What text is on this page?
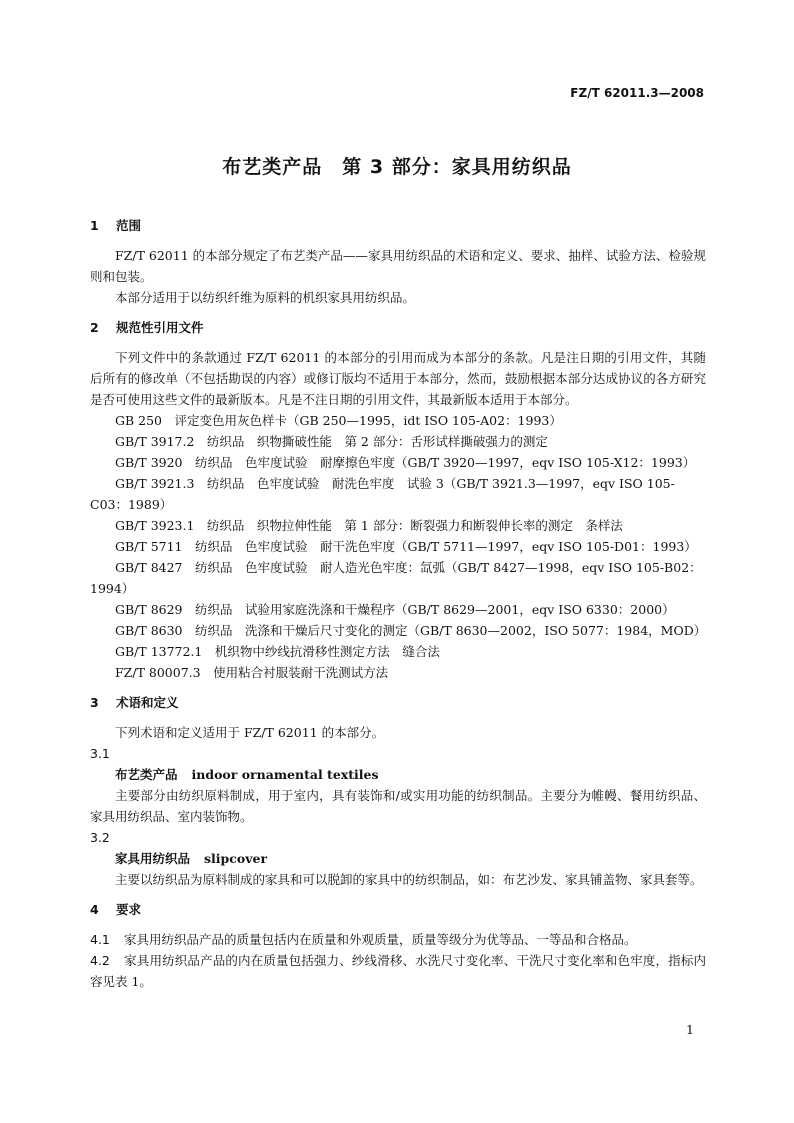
FZ/T 62011.3—2008
布艺类产品　第 3 部分：家具用纺织品

1 范围

FZ/T 62011 的本部分规定了布艺类产品——家具用纺织品的术语和定义、要求、抽样、试验方法、检验规则和包装。

本部分适用于以纺织纤维为原料的机织家具用纺织品。

2 规范性引用文件

下列文件中的条款通过 FZ/T 62011 的本部分的引用而成为本部分的条款。凡是注日期的引用文件，其随后所有的修改单（不包括勘误的内容）或修订版均不适用于本部分，然而，鼓励根据本部分达成协议的各方研究是否可使用这些文件的最新版本。凡是不注日期的引用文件，其最新版本适用于本部分。

GB 250　评定变色用灰色样卡（GB 250—1995，idt ISO 105-A02：1993）

GB/T 3917.2　纺织品　织物撕破性能　第 2 部分：舌形试样撕破强力的测定

GB/T 3920　纺织品　色牢度试验　耐摩擦色牢度（GB/T 3920—1997，eqv ISO 105-X12：1993）

GB/T 3921.3　纺织品　色牢度试验　耐洗色牢度　试验 3（GB/T 3921.3—1997，eqv ISO 105-C03：1989）

GB/T 3923.1　纺织品　织物拉伸性能　第 1 部分：断裂强力和断裂伸长率的测定　条样法

GB/T 5711　纺织品　色牢度试验　耐干洗色牢度（GB/T 5711—1997，eqv ISO 105-D01：1993）

GB/T 8427　纺织品　色牢度试验　耐人造光色牢度：氙弧（GB/T 8427—1998，eqv ISO 105-B02：1994）

GB/T 8629　纺织品　试验用家庭洗涤和干燥程序（GB/T 8629—2001，eqv ISO 6330：2000）

GB/T 8630　纺织品　洗涤和干燥后尺寸变化的测定（GB/T 8630—2002，ISO 5077：1984，MOD）

GB/T 13772.1　机织物中纱线抗滑移性测定方法　缝合法

FZ/T 80007.3　使用粘合衬服装耐干洗测试方法

3 术语和定义

下列术语和定义适用于 FZ/T 62011 的本部分。

3.1

布艺类产品 indoor ornamental textiles

主要部分由纺织原料制成，用于室内，具有装饰和/或实用功能的纺织制品。主要分为帷幔、餐用纺织品、家具用纺织品、室内装饰物。

3.2

家具用纺织品 slipcover

主要以纺织品为原料制成的家具和可以脱卸的家具中的纺织制品，如：布艺沙发、家具铺盖物、家具套等。

4 要求

4.1 家具用纺织品产品的质量包括内在质量和外观质量，质量等级分为优等品、一等品和合格品。

4.2 家具用纺织品产品的内在质量包括强力、纱线滑移、水洗尺寸变化率、干洗尺寸变化率和色牢度，指标内容见表 1。

1
